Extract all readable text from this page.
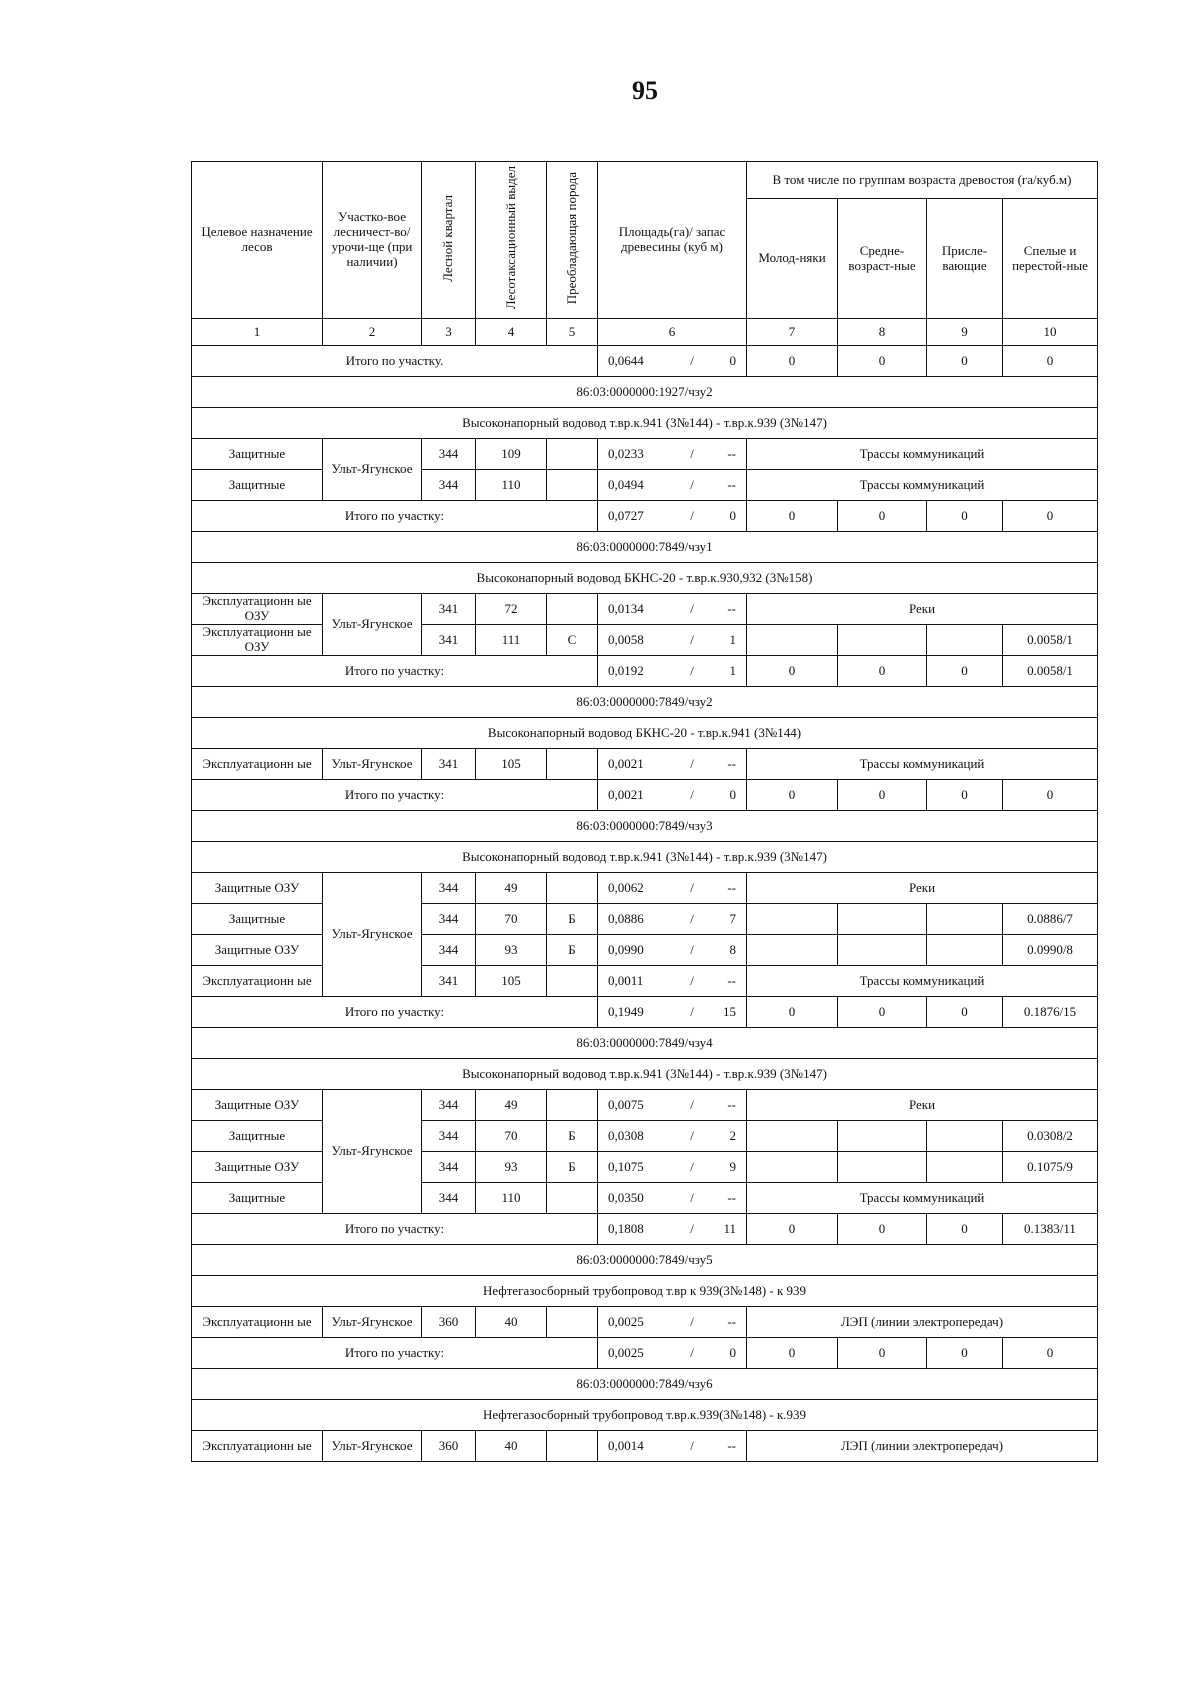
95
Целевое назначение лесов	Участко-вое лесничест-во/урочи-ще (при наличии)	Лесной квартал	Лесотаксационный выдел	Преобладающая порода	Площадь(га)/ запас древесины (куб м)	В том числе по группам возраста древостоя (га/куб.м)			
						Молод-няки	Средне-возраст-ные	Присле-вающие	Спелые и перестой-ные
1	2	3	4	5	6	7	8	9	10
Итого по участку.					0,0644 / 0	0	0	0	0
86:03:0000000:1927/чзу2									
Высоконапорный водовод т.вр.к.941 (3№144) - т.вр.к.939 (3№147)									
Защитные	Ульт-Ягунское	344	109		0,0233 / --	Трассы коммуникаций			
Защитные		344	110		0,0494 / --	Трассы коммуникаций			
Итого по участку:					0,0727 / 0	0	0	0	0
86:03:0000000:7849/чзу1									
Высоконапорный водовод БКНС-20 - т.вр.к.930,932 (3№158)									
Эксплуатационн ые ОЗУ	Ульт-Ягунское	341	72		0,0134 / --	Реки			
Эксплуатационн ые ОЗУ		341	111	С	0,0058 / 1				0.0058/1
Итого по участку:					0,0192 / 1	0	0	0	0.0058/1
86:03:0000000:7849/чзу2									
Высоконапорный водовод БКНС-20 - т.вр.к.941 (3№144)									
Эксплуатационн ые	Ульт-Ягунское	341	105		0,0021 / --	Трассы коммуникаций			
Итого по участку:					0,0021 / 0	0	0	0	0
86:03:0000000:7849/чзу3									
Высоконапорный водовод т.вр.к.941 (3№144) - т.вр.к.939 (3№147)									
Защитные ОЗУ	Ульт-Ягунское	344	49		0,0062 / --	Реки			
Защитные		344	70	Б	0,0886 / 7				0.0886/7
Защитные ОЗУ		344	93	Б	0,0990 / 8				0.0990/8
Эксплуатационн ые		341	105		0,0011 / --	Трассы коммуникаций			
Итого по участку:					0,1949 / 15	0	0	0	0.1876/15
86:03:0000000:7849/чзу4									
Высоконапорный водовод т.вр.к.941 (3№144) - т.вр.к.939 (3№147)									
Защитные ОЗУ	Ульт-Ягунское	344	49		0,0075 / --	Реки			
Защитные		344	70	Б	0,0308 / 2				0.0308/2
Защитные ОЗУ		344	93	Б	0,1075 / 9				0.1075/9
Защитные		344	110		0,0350 / --	Трассы коммуникаций			
Итого по участку:					0,1808 / 11	0	0	0	0.1383/11
86:03:0000000:7849/чзу5									
Нефтегазосборный трубопровод т.вр к 939(3№148) - к 939									
Эксплуатационн ые	Ульт-Ягунское	360	40		0,0025 / --	ЛЭП (линии электропередач)			
Итого по участку:					0,0025 / 0	0	0	0	0
86:03:0000000:7849/чзу6									
Нефтегазосборный трубопровод т.вр.к.939(3№148) - к.939									
Эксплуатационн ые	Ульт-Ягунское	360	40		0,0014 / --	ЛЭП (линии электропередач)			
